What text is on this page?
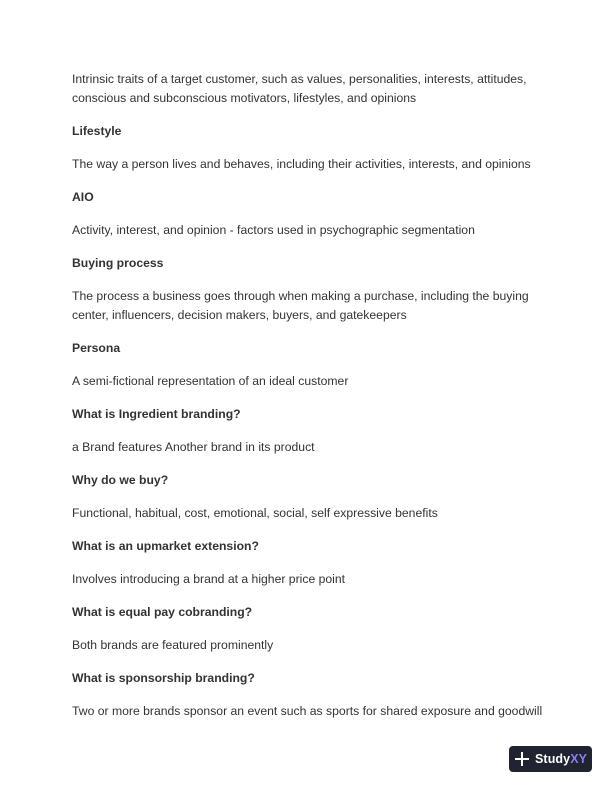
Intrinsic traits of a target customer, such as values, personalities, interests, attitudes, conscious and subconscious motivators, lifestyles, and opinions

Lifestyle

The way a person lives and behaves, including their activities, interests, and opinions

AIO

Activity, interest, and opinion - factors used in psychographic segmentation

Buying process

The process a business goes through when making a purchase, including the buying center, influencers, decision makers, buyers, and gatekeepers

Persona

A semi-fictional representation of an ideal customer

What is Ingredient branding?

a Brand features Another brand in its product

Why do we buy?

Functional, habitual, cost, emotional, social, self expressive benefits

What is an upmarket extension?

Involves introducing a brand at a higher price point

What is equal pay cobranding?

Both brands are featured prominently

What is sponsorship branding?

Two or more brands sponsor an event such as sports for shared exposure and goodwill

StudyXY
